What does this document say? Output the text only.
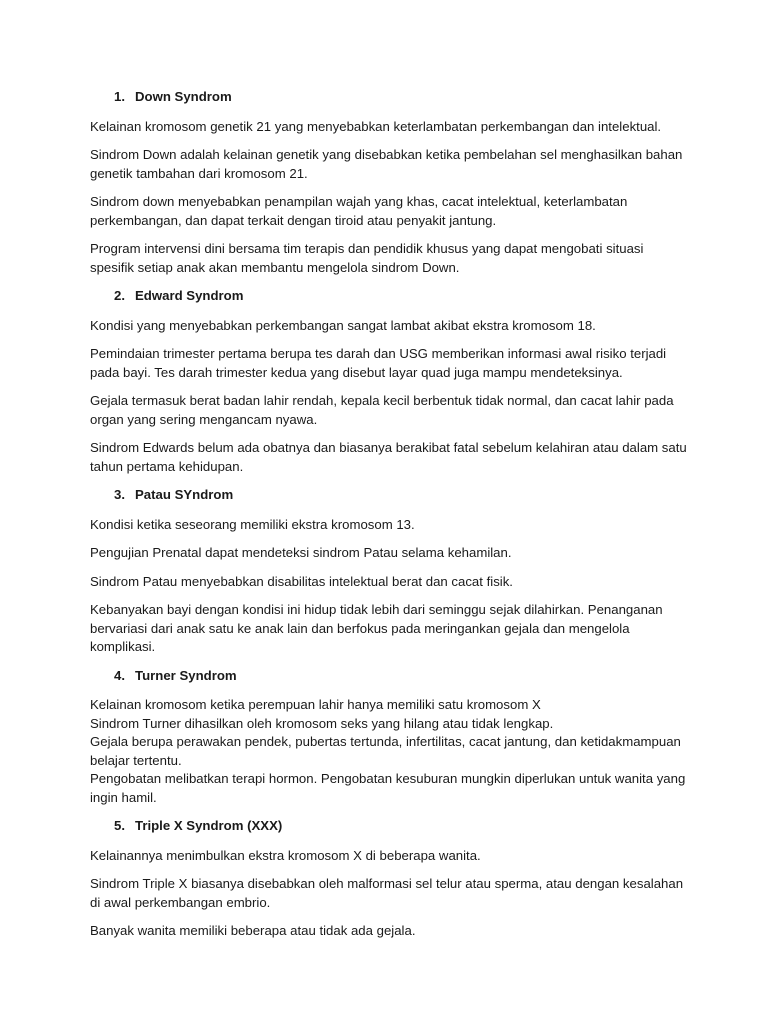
1. Down Syndrom

Kelainan kromosom genetik 21 yang menyebabkan keterlambatan perkembangan dan intelektual.

Sindrom Down adalah kelainan genetik yang disebabkan ketika pembelahan sel menghasilkan bahan genetik tambahan dari kromosom 21.

Sindrom down menyebabkan penampilan wajah yang khas, cacat intelektual, keterlambatan perkembangan, dan dapat terkait dengan tiroid atau penyakit jantung.

Program intervensi dini bersama tim terapis dan pendidik khusus yang dapat mengobati situasi spesifik setiap anak akan membantu mengelola sindrom Down.

2. Edward Syndrom

Kondisi yang menyebabkan perkembangan sangat lambat akibat ekstra kromosom 18.

Pemindaian trimester pertama berupa tes darah dan USG memberikan informasi awal risiko terjadi pada bayi. Tes darah trimester kedua yang disebut layar quad juga mampu mendeteksinya.

Gejala termasuk berat badan lahir rendah, kepala kecil berbentuk tidak normal, dan cacat lahir pada organ yang sering mengancam nyawa.

Sindrom Edwards belum ada obatnya dan biasanya berakibat fatal sebelum kelahiran atau dalam satu tahun pertama kehidupan.

3. Patau SYndrom

Kondisi ketika seseorang memiliki ekstra kromosom 13.

Pengujian Prenatal dapat mendeteksi sindrom Patau selama kehamilan.

Sindrom Patau menyebabkan disabilitas intelektual berat dan cacat fisik.

Kebanyakan bayi dengan kondisi ini hidup tidak lebih dari seminggu sejak dilahirkan. Penanganan bervariasi dari anak satu ke anak lain dan berfokus pada meringankan gejala dan mengelola komplikasi.

4. Turner Syndrom

Kelainan kromosom ketika perempuan lahir hanya memiliki satu kromosom X

Sindrom Turner dihasilkan oleh kromosom seks yang hilang atau tidak lengkap.

Gejala berupa perawakan pendek, pubertas tertunda, infertilitas, cacat jantung, dan ketidakmampuan belajar tertentu.

Pengobatan melibatkan terapi hormon. Pengobatan kesuburan mungkin diperlukan untuk wanita yang ingin hamil.

5. Triple X Syndrom (XXX)

Kelainannya menimbulkan ekstra kromosom X di beberapa wanita.

Sindrom Triple X biasanya disebabkan oleh malformasi sel telur atau sperma, atau dengan kesalahan di awal perkembangan embrio.

Banyak wanita memiliki beberapa atau tidak ada gejala.
